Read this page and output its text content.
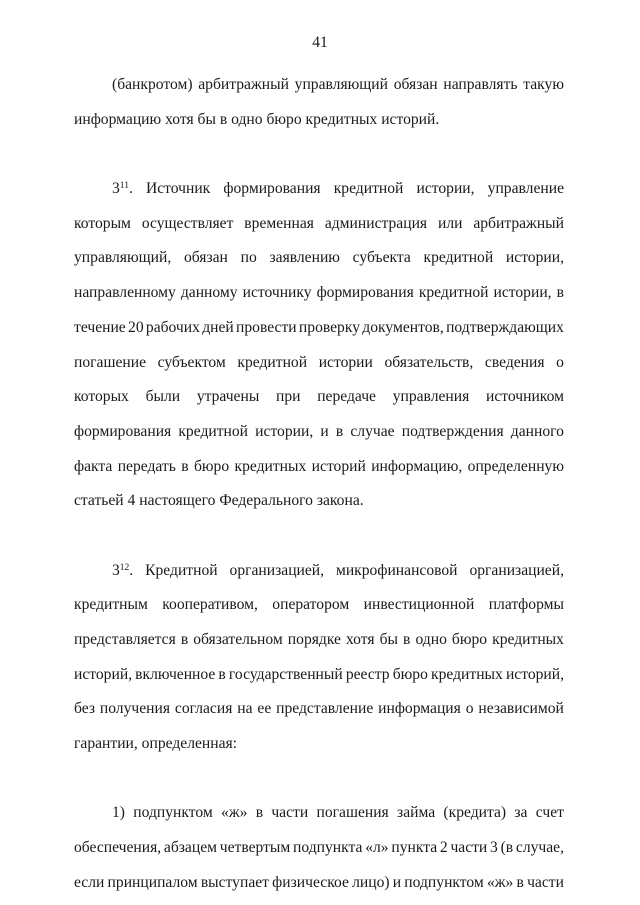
41
(банкротом) арбитражный управляющий обязан направлять такую
информацию хотя бы в одно бюро кредитных историй.
$3^{11}$. Источник формирования кредитной истории, управление
которым осуществляет временная администрация или арбитражный
управляющий, обязан по заявлению субъекта кредитной истории,
направленному данному источнику формирования кредитной истории, в
течение 20 рабочих дней провести проверку документов, подтверждающих
погашение субъектом кредитной истории обязательств, сведения о
которых были утрачены при передаче управления источником
формирования кредитной истории, и в случае подтверждения данного
факта передать в бюро кредитных историй информацию, определенную
статьей 4 настоящего Федерального закона.
$3^{12}$. Кредитной организацией, микрофинансовой организацией,
кредитным кооперативом, оператором инвестиционной платформы
представляется в обязательном порядке хотя бы в одно бюро кредитных
историй, включенное в государственный реестр бюро кредитных историй,
без получения согласия на ее представление информация о независимой
гарантии, определенная:
1) подпунктом «ж» в части погашения займа (кредита) за счет
обеспечения, абзацем четвертым подпункта «л» пункта 2 части 3 (в случае,
если принципалом выступает физическое лицо) и подпунктом «ж» в части
